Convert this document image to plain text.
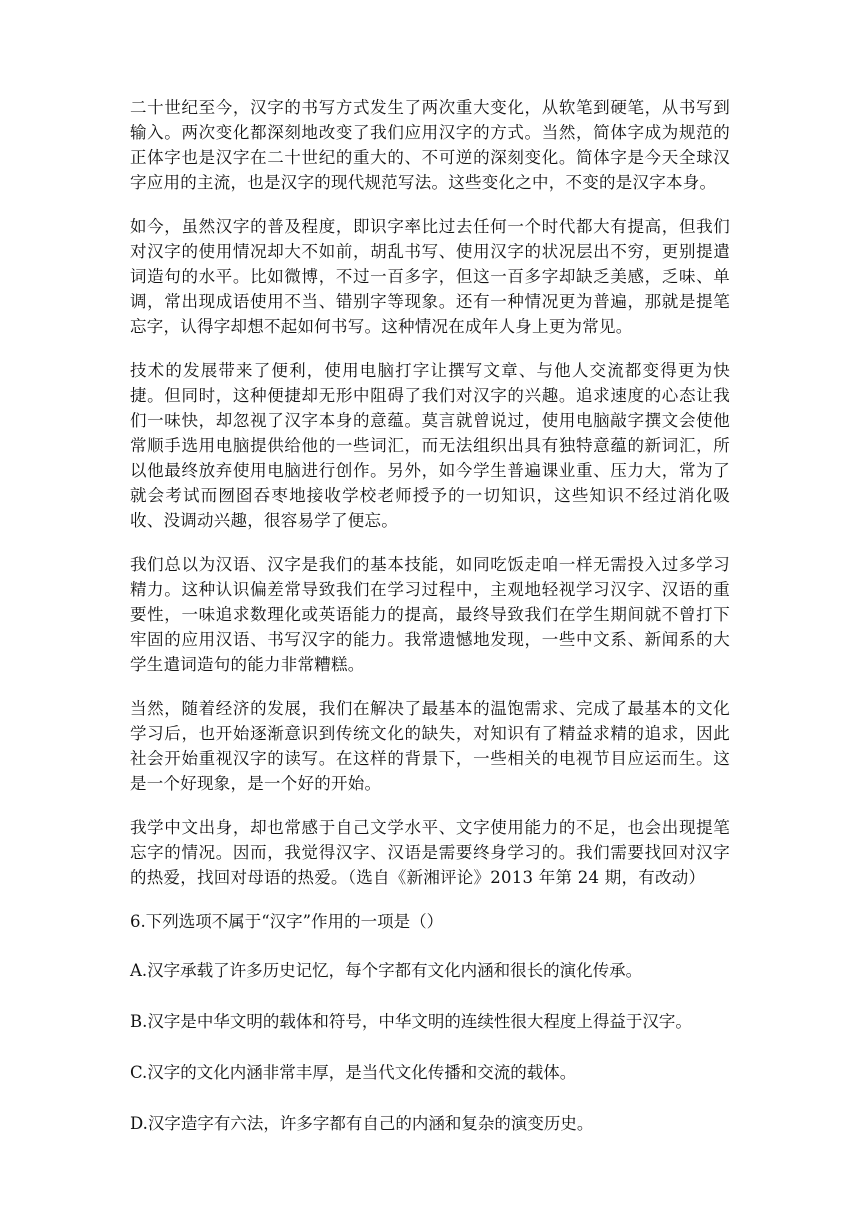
二十世纪至今，汉字的书写方式发生了两次重大变化，从软笔到硬笔，从书写到输入。两次变化都深刻地改变了我们应用汉字的方式。当然，简体字成为规范的正体字也是汉字在二十世纪的重大的、不可逆的深刻变化。简体字是今天全球汉字应用的主流，也是汉字的现代规范写法。这些变化之中，不变的是汉字本身。

如今，虽然汉字的普及程度，即识字率比过去任何一个时代都大有提高，但我们对汉字的使用情况却大不如前，胡乱书写、使用汉字的状况层出不穷，更别提遣词造句的水平。比如微博，不过一百多字，但这一百多字却缺乏美感，乏味、单调，常出现成语使用不当、错别字等现象。还有一种情况更为普遍，那就是提笔忘字，认得字却想不起如何书写。这种情况在成年人身上更为常见。

技术的发展带来了便利，使用电脑打字让撰写文章、与他人交流都变得更为快捷。但同时，这种便捷却无形中阻碍了我们对汉字的兴趣。追求速度的心态让我们一味快，却忽视了汉字本身的意蕴。莫言就曾说过，使用电脑敲字撰文会使他常顺手选用电脑提供给他的一些词汇，而无法组织出具有独特意蕴的新词汇，所以他最终放弃使用电脑进行创作。另外，如今学生普遍课业重、压力大，常为了就会考试而囫囵吞枣地接收学校老师授予的一切知识，这些知识不经过消化吸收、没调动兴趣，很容易学了便忘。

我们总以为汉语、汉字是我们的基本技能，如同吃饭走咱一样无需投入过多学习精力。这种认识偏差常导致我们在学习过程中，主观地轻视学习汉字、汉语的重要性，一味追求数理化或英语能力的提高，最终导致我们在学生期间就不曾打下牢固的应用汉语、书写汉字的能力。我常遗憾地发现，一些中文系、新闻系的大学生遣词造句的能力非常糟糕。

当然，随着经济的发展，我们在解决了最基本的温饱需求、完成了最基本的文化学习后，也开始逐渐意识到传统文化的缺失，对知识有了精益求精的追求，因此社会开始重视汉字的读写。在这样的背景下，一些相关的电视节目应运而生。这是一个好现象，是一个好的开始。

我学中文出身，却也常感于自己文学水平、文字使用能力的不足，也会出现提笔忘字的情况。因而，我觉得汉字、汉语是需要终身学习的。我们需要找回对汉字的热爱，找回对母语的热爱。（选自《新湘评论》2013 年第 24 期，有改动）

6.下列选项不属于“汉字”作用的一项是（）

A.汉字承载了许多历史记忆，每个字都有文化内涵和很长的演化传承。

B.汉字是中华文明的载体和符号，中华文明的连续性很大程度上得益于汉字。

C.汉字的文化内涵非常丰厚，是当代文化传播和交流的载体。

D.汉字造字有六法，许多字都有自己的内涵和复杂的演变历史。
